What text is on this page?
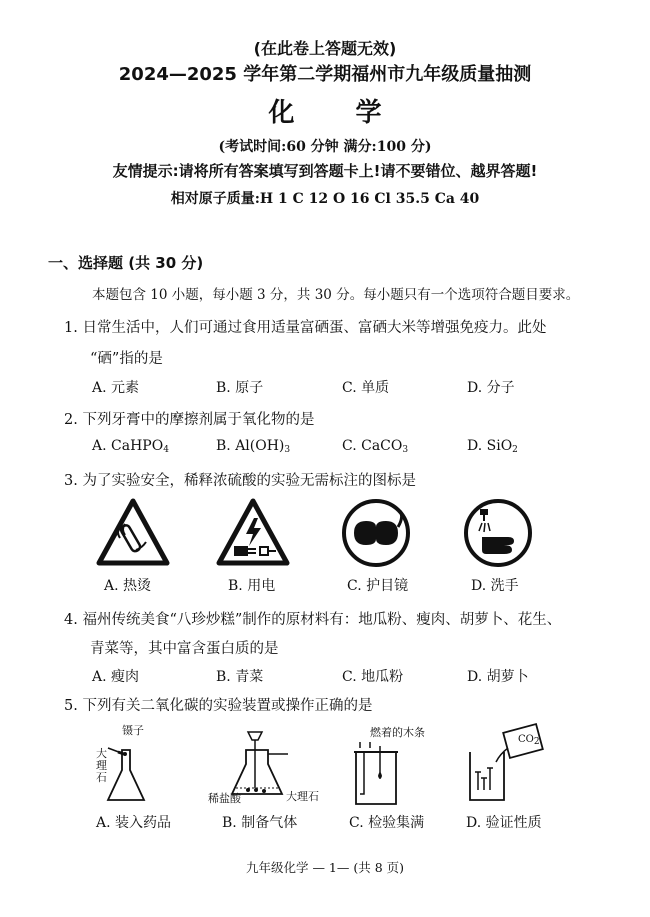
(在此卷上答题无效)
2024—2025 学年第二学期福州市九年级质量抽测
化 学
(考试时间:60 分钟 满分:100 分)
友情提示:请将所有答案填写到答题卡上!请不要错位、越界答题!
相对原子质量:H 1 C 12 O 16 Cl 35.5 Ca 40
一、选择题 (共 30 分)
本题包含 10 小题，每小题 3 分，共 30 分。每小题只有一个选项符合题目要求。
1. 日常生活中，人们可通过食用适量富硒蛋、富硒大米等增强免疫力。此处
“硒”指的是
A. 元素	B. 原子	C. 单质	D. 分子
2. 下列牙膏中的摩擦剂属于氧化物的是
A. CaHPO$_4$	B. $Al(OH)_3$	C. CaCO$_3$	D. SiO$_2$
3. 为了实验安全，稀释浓硫酸的实验无需标注的图标是
A. 热烫	B. 用电	C. 护目镜	D. 洗手
4. 福州传统美食“八珍炒糕”制作的原材料有：地瓜粉、瘦肉、胡萝卜、花生、
青菜等，其中富含蛋白质的是
A. 瘦肉	B. 青菜	C. 地瓜粉	D. 胡萝卜
5. 下列有关二氧化碳的实验装置或操作正确的是
镊子
大
理
石
稀盐酸	大理石
燃着的木条
$CO_2$
A. 装入药品	B. 制备气体	C. 检验集满	D. 验证性质
九年级化学 — 1— (共 8 页)
